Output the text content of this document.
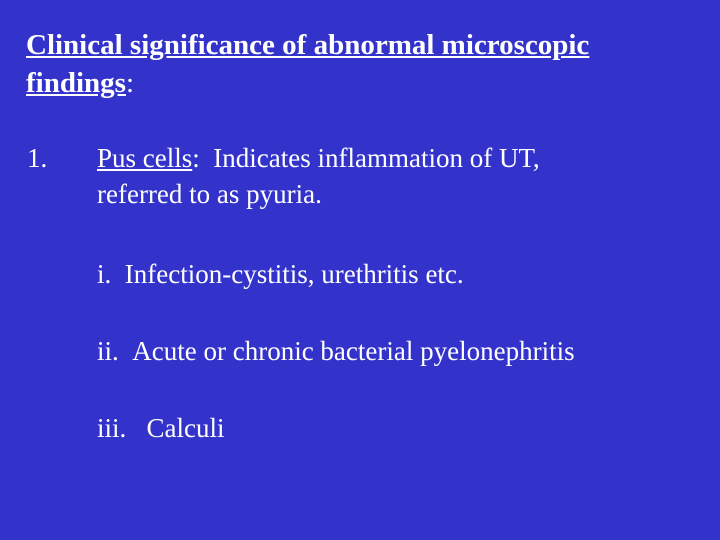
Clinical significance of abnormal microscopic findings:
1. Pus cells:  Indicates inflammation of UT,
referred to as pyuria.
i. Infection-cystitis, urethritis etc.
ii. Acute or chronic bacterial pyelonephritis
iii.   Calculi
